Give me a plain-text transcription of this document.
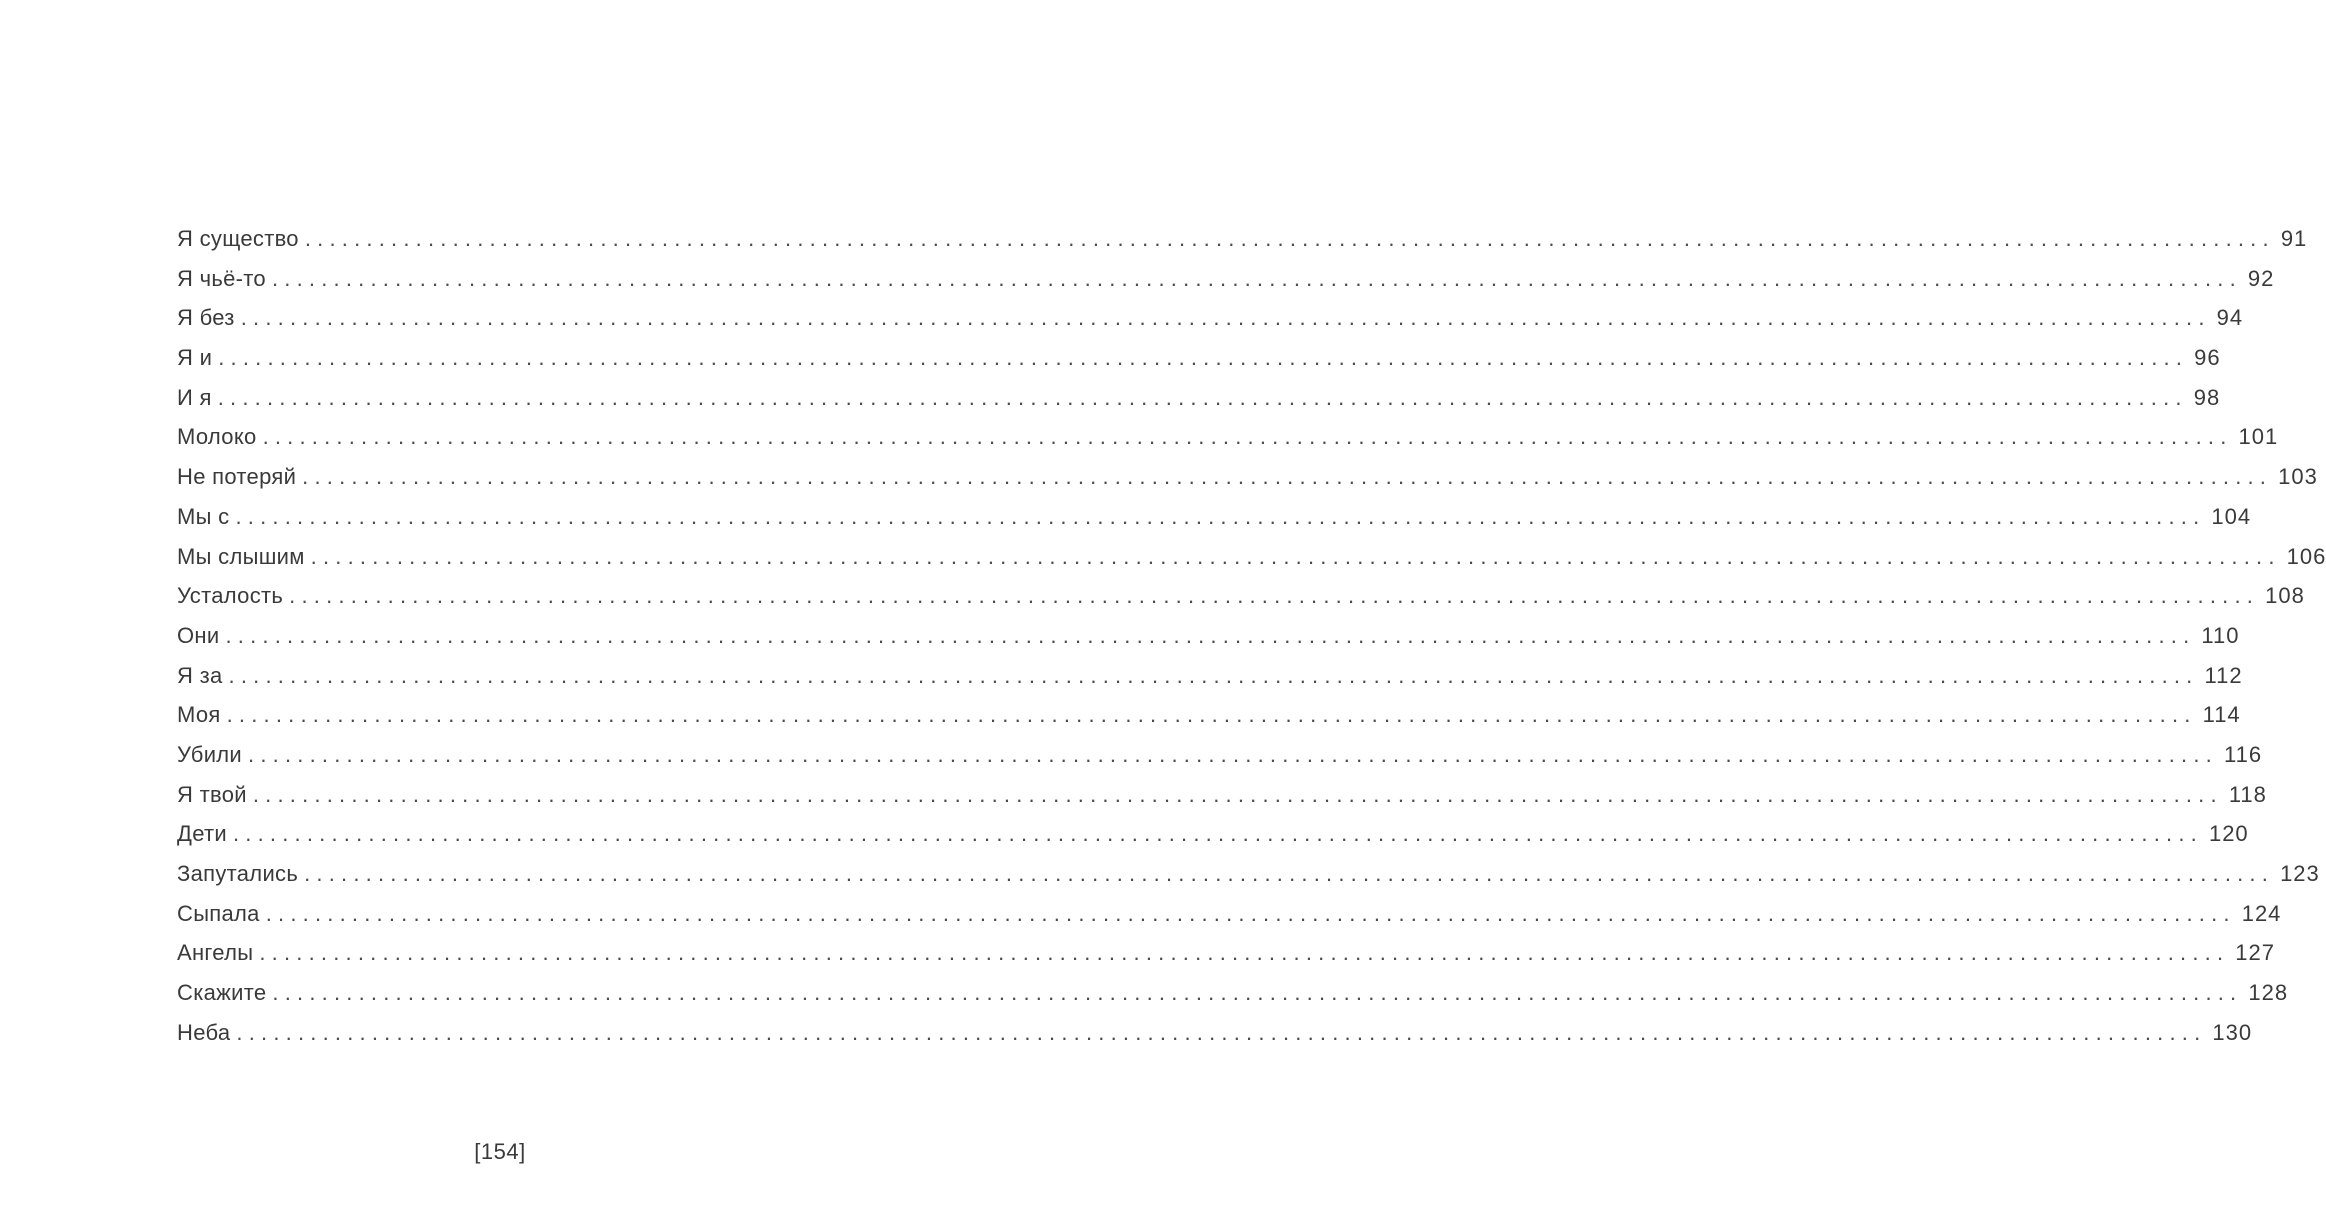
Я существо ................................................................................................................................................................ 91
Я чьё-то ................................................................................................................................................................ 92
Я без ................................................................................................................................................................ 94
Я и ................................................................................................................................................................ 96
И я ................................................................................................................................................................ 98
Молоко ................................................................................................................................................................ 101
Не потеряй ................................................................................................................................................................ 103
Мы с ................................................................................................................................................................ 104
Мы слышим ................................................................................................................................................................ 106
Усталость ................................................................................................................................................................ 108
Они ................................................................................................................................................................ 110
Я за ................................................................................................................................................................ 112
Моя ................................................................................................................................................................ 114
Убили ................................................................................................................................................................ 116
Я твой ................................................................................................................................................................ 118
Дети ................................................................................................................................................................ 120
Запутались ................................................................................................................................................................ 123
Сыпала ................................................................................................................................................................ 124
Ангелы ................................................................................................................................................................ 127
Скажите ................................................................................................................................................................ 128
Неба ................................................................................................................................................................ 130
[154]
